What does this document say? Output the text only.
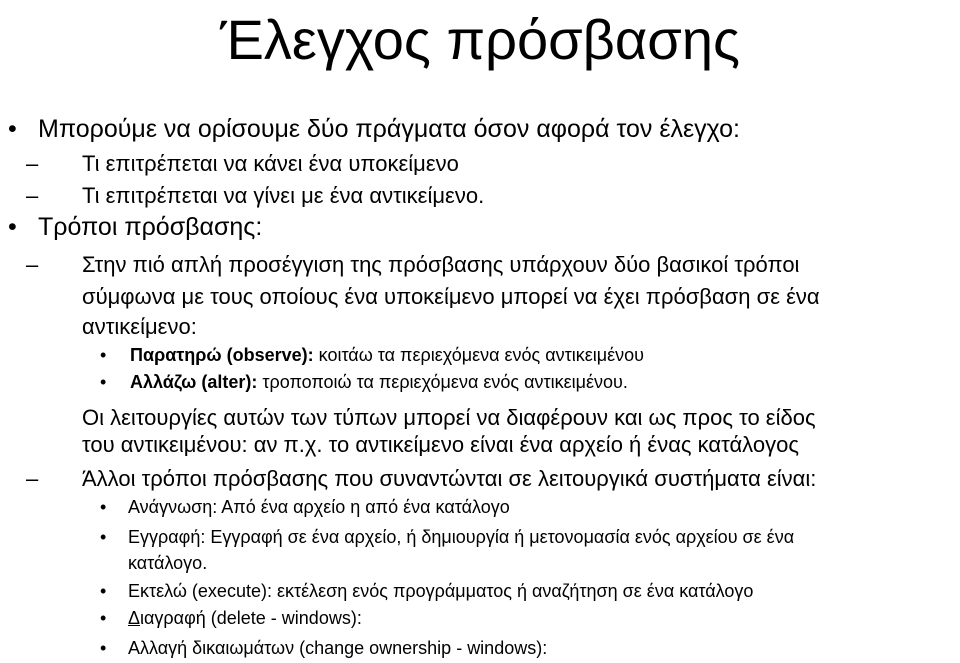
Έλεγχος πρόσβασης
• Μπορούμε να ορίσουμε δύο πράγματα όσον αφορά τον έλεγχο:
– Τι επιτρέπεται να κάνει ένα υποκείμενο
– Τι επιτρέπεται να γίνει με ένα αντικείμενο.
• Τρόποι πρόσβασης:
– Στην πιό απλή προσέγγιση της πρόσβασης υπάρχουν δύο βασικοί τρόποι
σύμφωνα με τους οποίους ένα υποκείμενο μπορεί να έχει πρόσβαση σε ένα
αντικείμενο:
• Παρατηρώ (observe): κοιτάω τα περιεχόμενα ενός αντικειμένου
• Αλλάζω (alter): τροποποιώ τα περιεχόμενα ενός αντικειμένου.
Οι λειτουργίες αυτών των τύπων μπορεί να διαφέρουν και ως προς το είδος
του αντικειμένου: αν π.χ. το αντικείμενο είναι ένα αρχείο ή ένας κατάλογος
– Άλλοι τρόποι πρόσβασης που συναντώνται σε λειτουργικά συστήματα είναι:
• Ανάγνωση: Από ένα αρχείο η από ένα κατάλογο
• Εγγραφή: Εγγραφή σε ένα αρχείο, ή δημιουργία ή μετονομασία ενός αρχείου σε ένα
κατάλογο.
• Εκτελώ (execute): εκτέλεση ενός προγράμματος ή αναζήτηση σε ένα κατάλογο
• Διαγραφή (delete - windows):
• Αλλαγή δικαιωμάτων (change ownership - windows):
